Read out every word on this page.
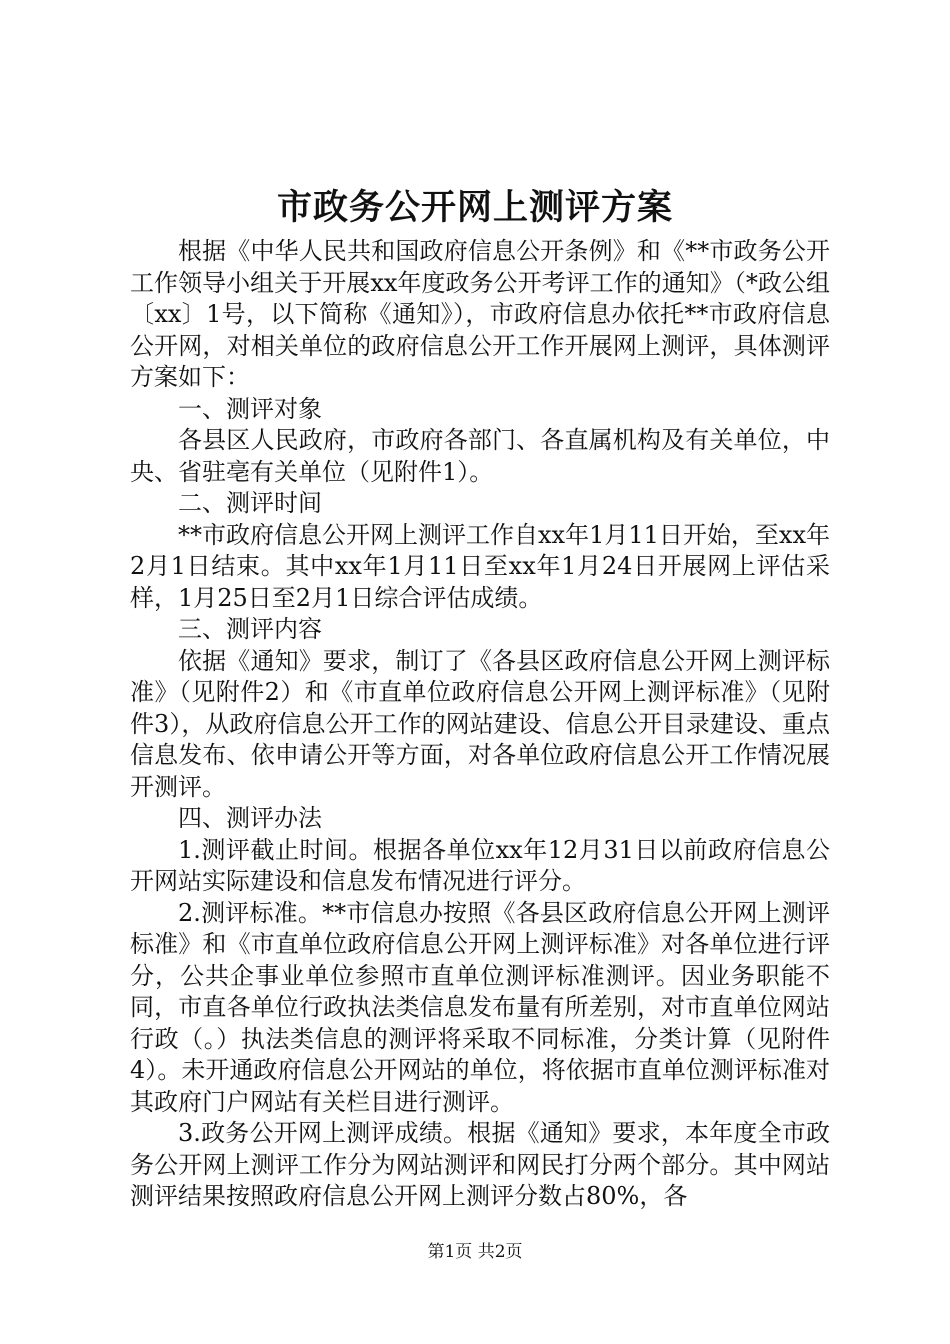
市政务公开网上测评方案

根据《中华人民共和国政府信息公开条例》和《**市政务公开工作领导小组关于开展xx年度政务公开考评工作的通知》（*政公组〔xx〕1号，以下简称《通知》），市政府信息办依托**市政府信息公开网，对相关单位的政府信息公开工作开展网上测评，具体测评方案如下：

一、测评对象

各县区人民政府，市政府各部门、各直属机构及有关单位，中央、省驻亳有关单位（见附件1）。

二、测评时间

**市政府信息公开网上测评工作自xx年1月11日开始，至xx年2月1日结束。其中xx年1月11日至xx年1月24日开展网上评估采样，1月25日至2月1日综合评估成绩。

三、测评内容

依据《通知》要求，制订了《各县区政府信息公开网上测评标准》（见附件2）和《市直单位政府信息公开网上测评标准》（见附件3），从政府信息公开工作的网站建设、信息公开目录建设、重点信息发布、依申请公开等方面，对各单位政府信息公开工作情况展开测评。

四、测评办法

1.测评截止时间。根据各单位xx年12月31日以前政府信息公开网站实际建设和信息发布情况进行评分。

2.测评标准。**市信息办按照《各县区政府信息公开网上测评标准》和《市直单位政府信息公开网上测评标准》对各单位进行评分，公共企事业单位参照市直单位测评标准测评。因业务职能不同，市直各单位行政执法类信息发布量有所差别，对市直单位网站行政（。）执法类信息的测评将采取不同标准，分类计算（见附件4）。未开通政府信息公开网站的单位，将依据市直单位测评标准对其政府门户网站有关栏目进行测评。

3.政务公开网上测评成绩。根据《通知》要求，本年度全市政务公开网上测评工作分为网站测评和网民打分两个部分。其中网站测评结果按照政府信息公开网上测评分数占80%，各

第1页 共2页
